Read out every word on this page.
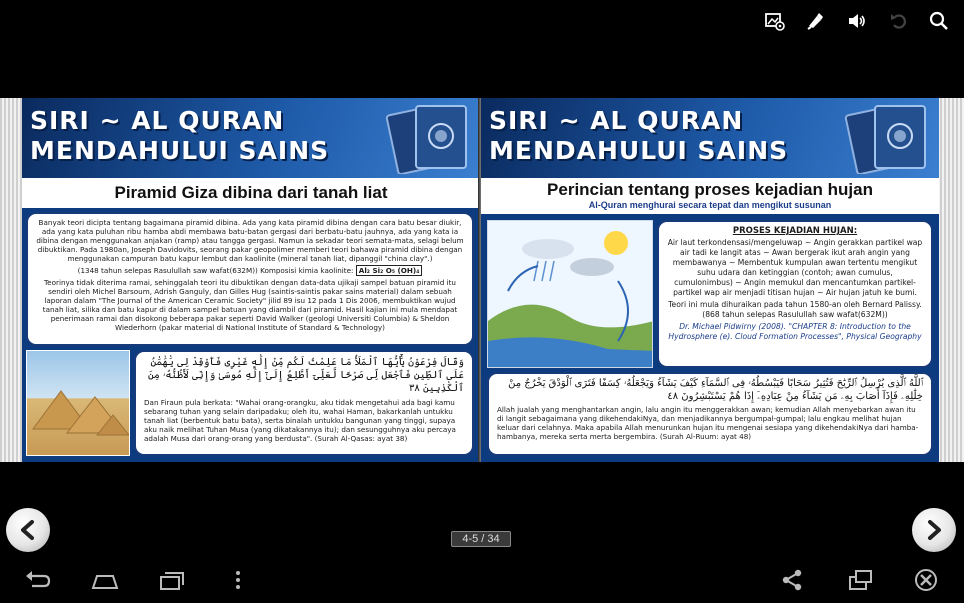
SIRI ~ AL QURAN
MENDAHULUI SAINS
Piramid Giza dibina dari tanah liat

Banyak teori dicipta tentang bagaimana piramid dibina. Ada yang kata piramid dibina dengan cara batu besar diukir, ada yang kata puluhan ribu hamba abdi membawa batu-batan gergasi dari berbatu-batu jauhnya, ada yang kata ia dibina dengan menggunakan anjakan (ramp) atau tangga gergasi. Namun ia sekadar teori semata-mata, selagi belum dibuktikan. Pada 1980an, Joseph Davidovits, seorang pakar geopolimer memberi teori bahawa piramid dibina dengan menggunakan campuran batu kapur lembut dan kaolinite (mineral tanah liat, dipanggil "china clay".)

(1348 tahun selepas Rasulullah saw wafat(632M)) Komposisi kimia kaolinite: Al₂ Si₂ O₅ (OH)₄

Teorinya tidak diterima ramai, sehinggalah teori itu dibuktikan dengan data-data ujikaji sampel batuan piramid itu sendiri oleh Michel Barsoum, Adrish Ganguly, dan Gilles Hug (saintis-saintis pakar sains material) dalam sebuah laporan dalam "The Journal of the American Ceramic Society" jilid 89 isu 12 pada 1 Dis 2006, membuktikan wujud tanah liat, silika dan batu kapur di dalam sampel batuan yang diambil dari piramid. Hasil kajian ini mula mendapat penerimaan ramai dan disokong beberapa pakar seperti David Walker (geologi Universiti Columbia) & Sheldon Wiederhorn (pakar material di National Institute of Standard & Technology)

وَقَالَ فِرْعَوْنُ يَٰٓأَيُّهَا ٱلْمَلَأُ مَا عَلِمْتُ لَكُم مِّنْ إِلَٰهٍ غَيْرِى فَأَوْقِدْ لِى يَٰهَٰمَٰنُ عَلَى ٱلطِّينِ فَٱجْعَل لِّى صَرْحًا لَّعَلِّىٓ أَطَّلِعُ إِلَىٰٓ إِلَٰهِ مُوسَىٰ وَإِنِّى لَأَظُنُّهُۥ مِنَ ٱلْكَٰذِبِينَ ٣٨

Dan Firaun pula berkata: "Wahai orang-orangku, aku tidak mengetahui ada bagi kamu sebarang tuhan yang selain daripadaku; oleh itu, wahai Haman, bakarkanlah untukku tanah liat (berbentuk batu bata), serta binalah untukku bangunan yang tinggi, supaya aku naik melihat Tuhan Musa (yang dikatakannya itu); dan sesungguhnya aku percaya adalah Musa dari orang-orang yang berdusta". (Surah Al-Qasas: ayat 38)

SIRI ~ AL QURAN
MENDAHULUI SAINS
Perincian tentang proses kejadian hujan
Al-Quran menghurai secara tepat dan mengikut susunan
PROSES KEJADIAN HUJAN:

Air laut terkondensasi/mengeluwap ~ Angin gerakkan partikel wap air tadi ke langit atas ~ Awan bergerak ikut arah angin yang membawanya ~ Membentuk kumpulan awan tertentu mengikut suhu udara dan ketinggian (contoh; awan cumulus, cumulonimbus) ~ Angin memukul dan mencantumkan partikel-partikel wap air menjadi titisan hujan ~ Air hujan jatuh ke bumi.

Teori ini mula dihuraikan pada tahun 1580-an oleh Bernard Palissy. (868 tahun selepas Rasulullah saw wafat(632M))

Dr. Michael Pidwirny (2008). "CHAPTER 8: Introduction to the Hydrosphere (e). Cloud Formation Processes", Physical Geography

ٱللَّهُ ٱلَّذِى يُرْسِلُ ٱلرِّيَٰحَ فَتُثِيرُ سَحَابًا فَيَبْسُطُهُۥ فِى ٱلسَّمَآءِ كَيْفَ يَشَآءُ وَيَجْعَلُهُۥ كِسَفًا فَتَرَى ٱلْوَدْقَ يَخْرُجُ مِنْ خِلَٰلِهِۦ فَإِذَآ أَصَابَ بِهِۦ مَن يَشَآءُ مِنْ عِبَادِهِۦٓ إِذَا هُمْ يَسْتَبْشِرُونَ ٤٨

Allah jualah yang menghantarkan angin, lalu angin itu menggerakkan awan; kemudian Allah menyebarkan awan itu di langit sebagaimana yang dikehendakiNya, dan menjadikannya bergumpal-gumpal; lalu engkau melihat hujan keluar dari celahnya. Maka apabila Allah menurunkan hujan itu mengenai sesiapa yang dikehendakiNya dari hamba-hambanya, mereka serta merta bergembira. (Surah Al-Ruum: ayat 48)

4-5 / 34
